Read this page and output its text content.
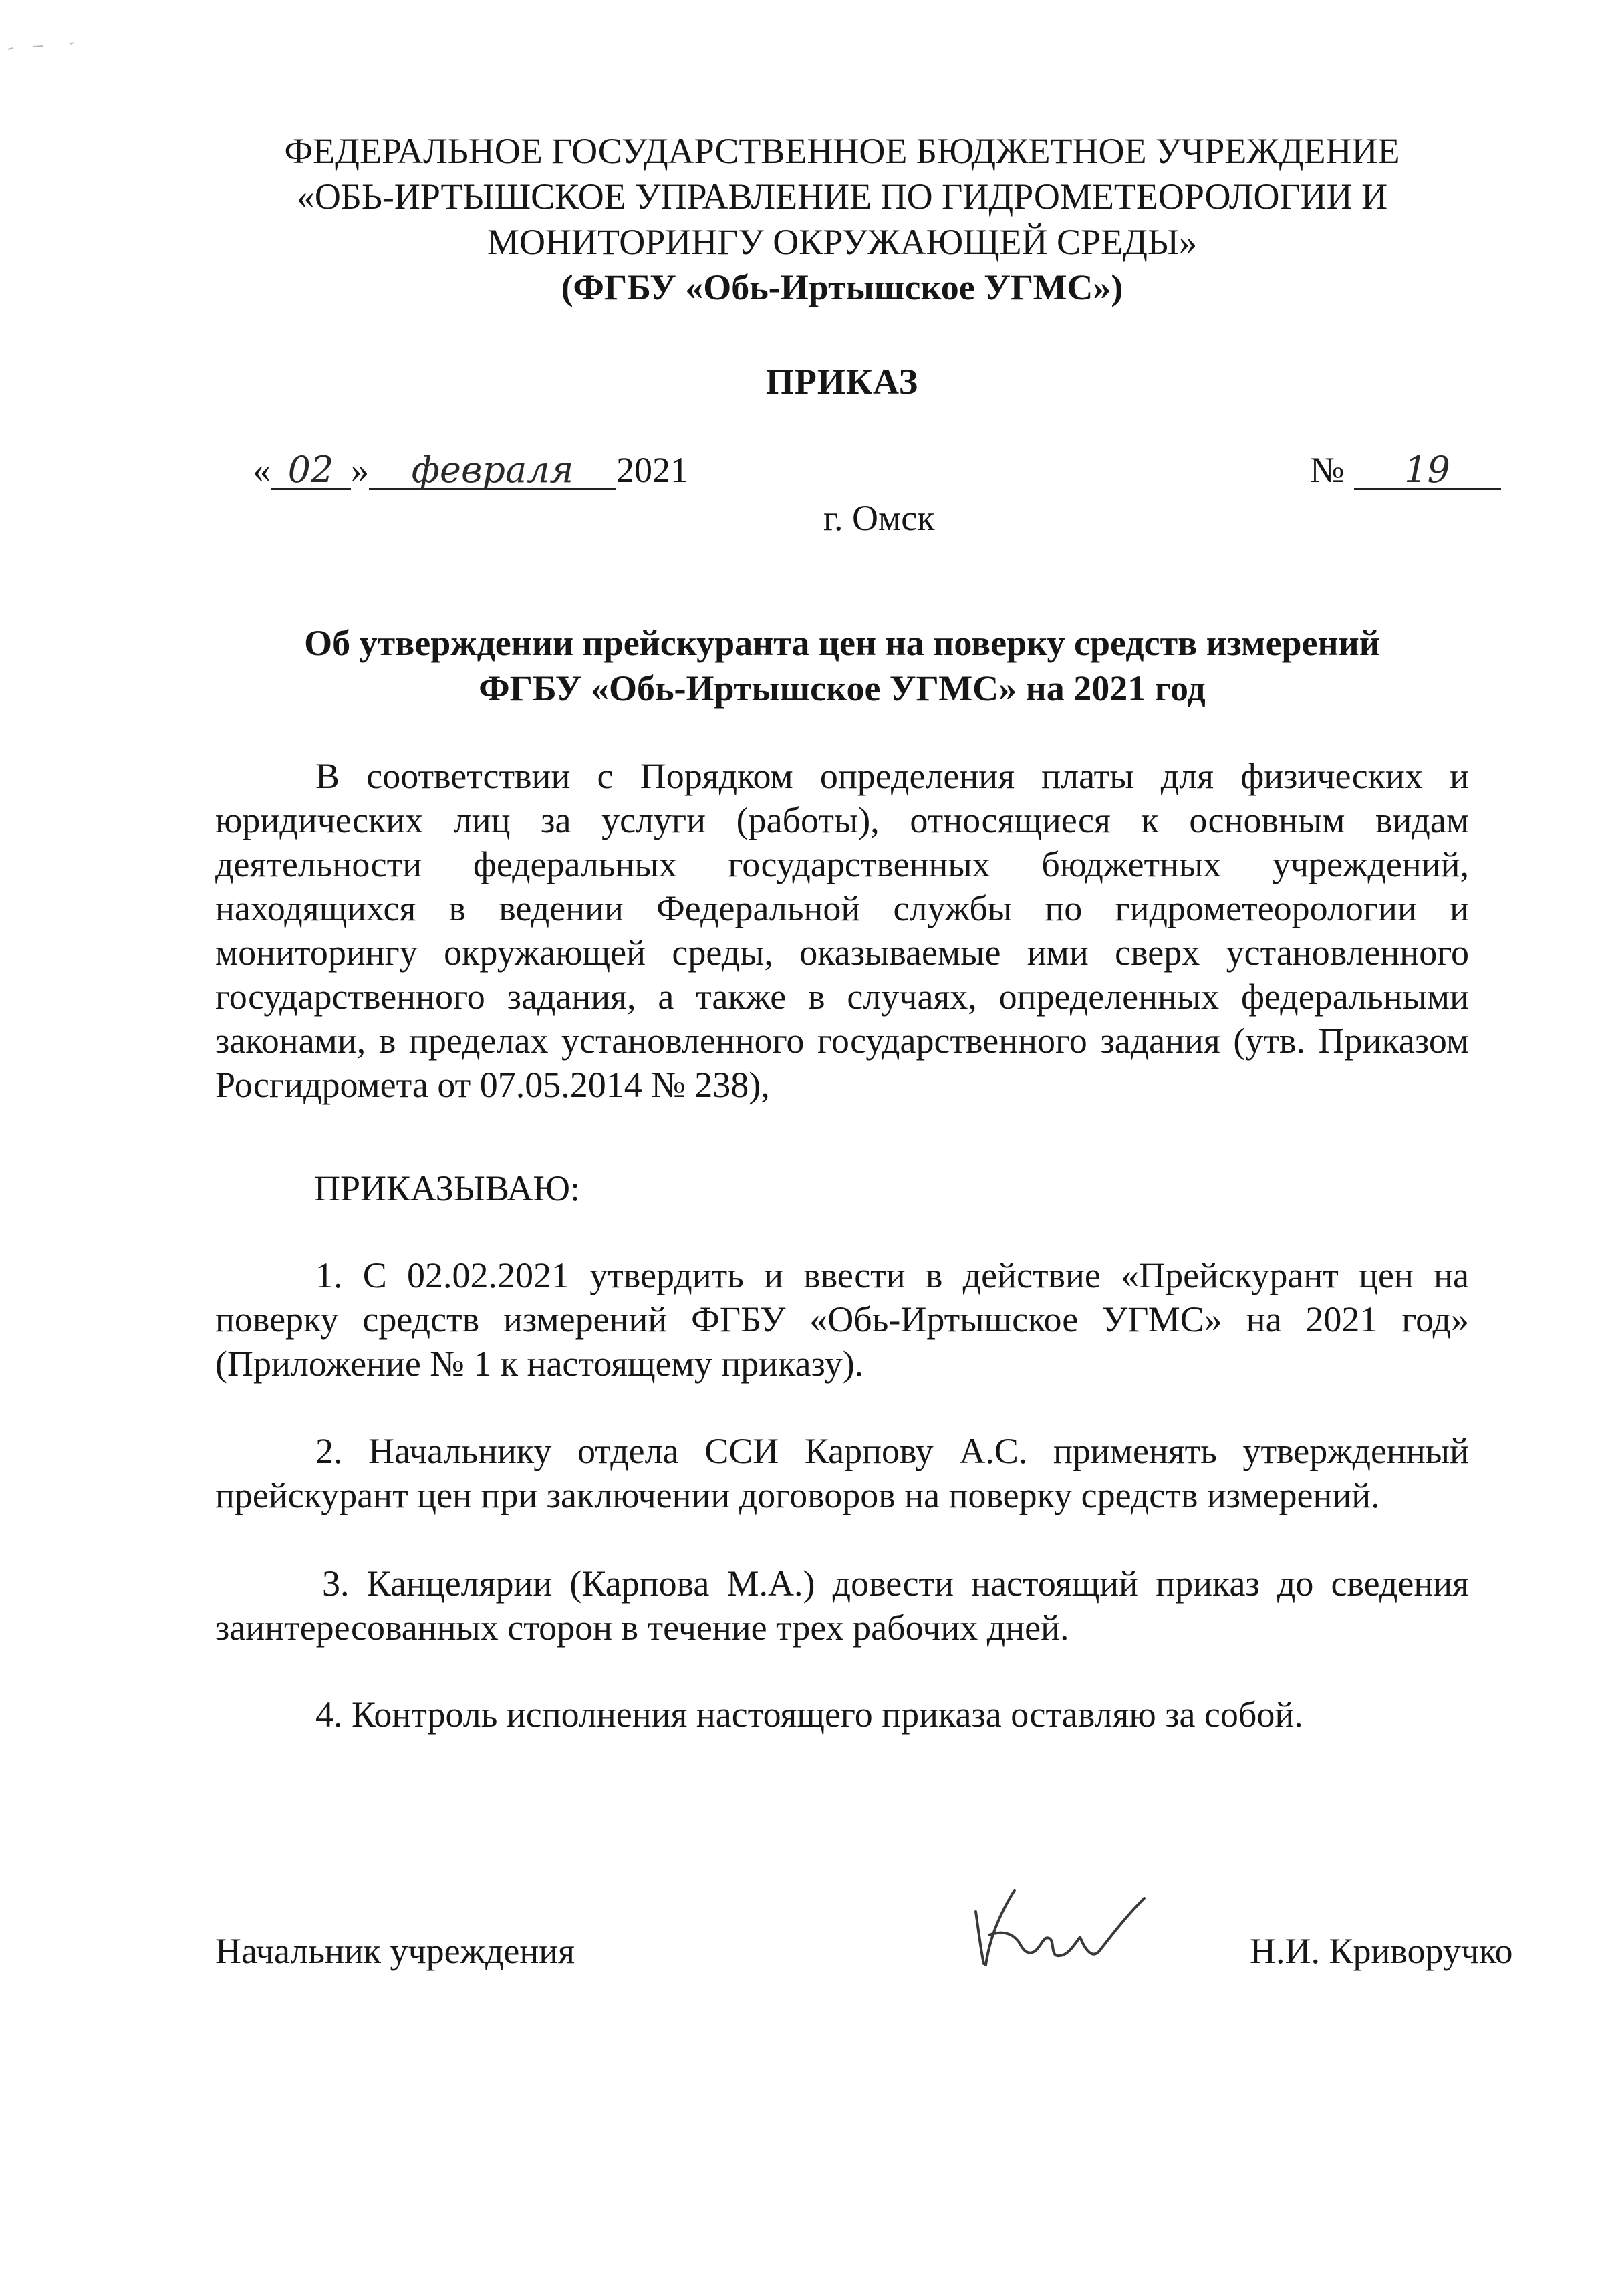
ФЕДЕРАЛЬНОЕ ГОСУДАРСТВЕННОЕ БЮДЖЕТНОЕ УЧРЕЖДЕНИЕ
«ОБЬ-ИРТЫШСКОЕ УПРАВЛЕНИЕ ПО ГИДРОМЕТЕОРОЛОГИИ И
МОНИТОРИНГУ ОКРУЖАЮЩЕЙ СРЕДЫ»
(ФГБУ «Обь-Иртышское УГМС»)
ПРИКАЗ
« 02 » февраля 2021	№ 19
г. Омск
Об утверждении прейскуранта цен на поверку средств измерений
ФГБУ «Обь-Иртышское УГМС» на 2021 год
В соответствии с Порядком определения платы для физических и юридических лиц за услуги (работы), относящиеся к основным видам деятельности федеральных государственных бюджетных учреждений, находящихся в ведении Федеральной службы по гидрометеорологии и мониторингу окружающей среды, оказываемые ими сверх установленного государственного задания, а также в случаях, определенных федеральными законами, в пределах установленного государственного задания (утв. Приказом Росгидромета от 07.05.2014 № 238),
ПРИКАЗЫВАЮ:
1. С 02.02.2021 утвердить и ввести в действие «Прейскурант цен на поверку средств измерений ФГБУ «Обь-Иртышское УГМС» на 2021 год» (Приложение № 1 к настоящему приказу).
2. Начальнику отдела ССИ Карпову А.С. применять утвержденный прейскурант цен при заключении договоров на поверку средств измерений.
3. Канцелярии (Карпова М.А.) довести настоящий приказ до сведения заинтересованных сторон в течение трех рабочих дней.
4. Контроль исполнения настоящего приказа оставляю за собой.
Начальник учреждения	Н.И. Криворучко
